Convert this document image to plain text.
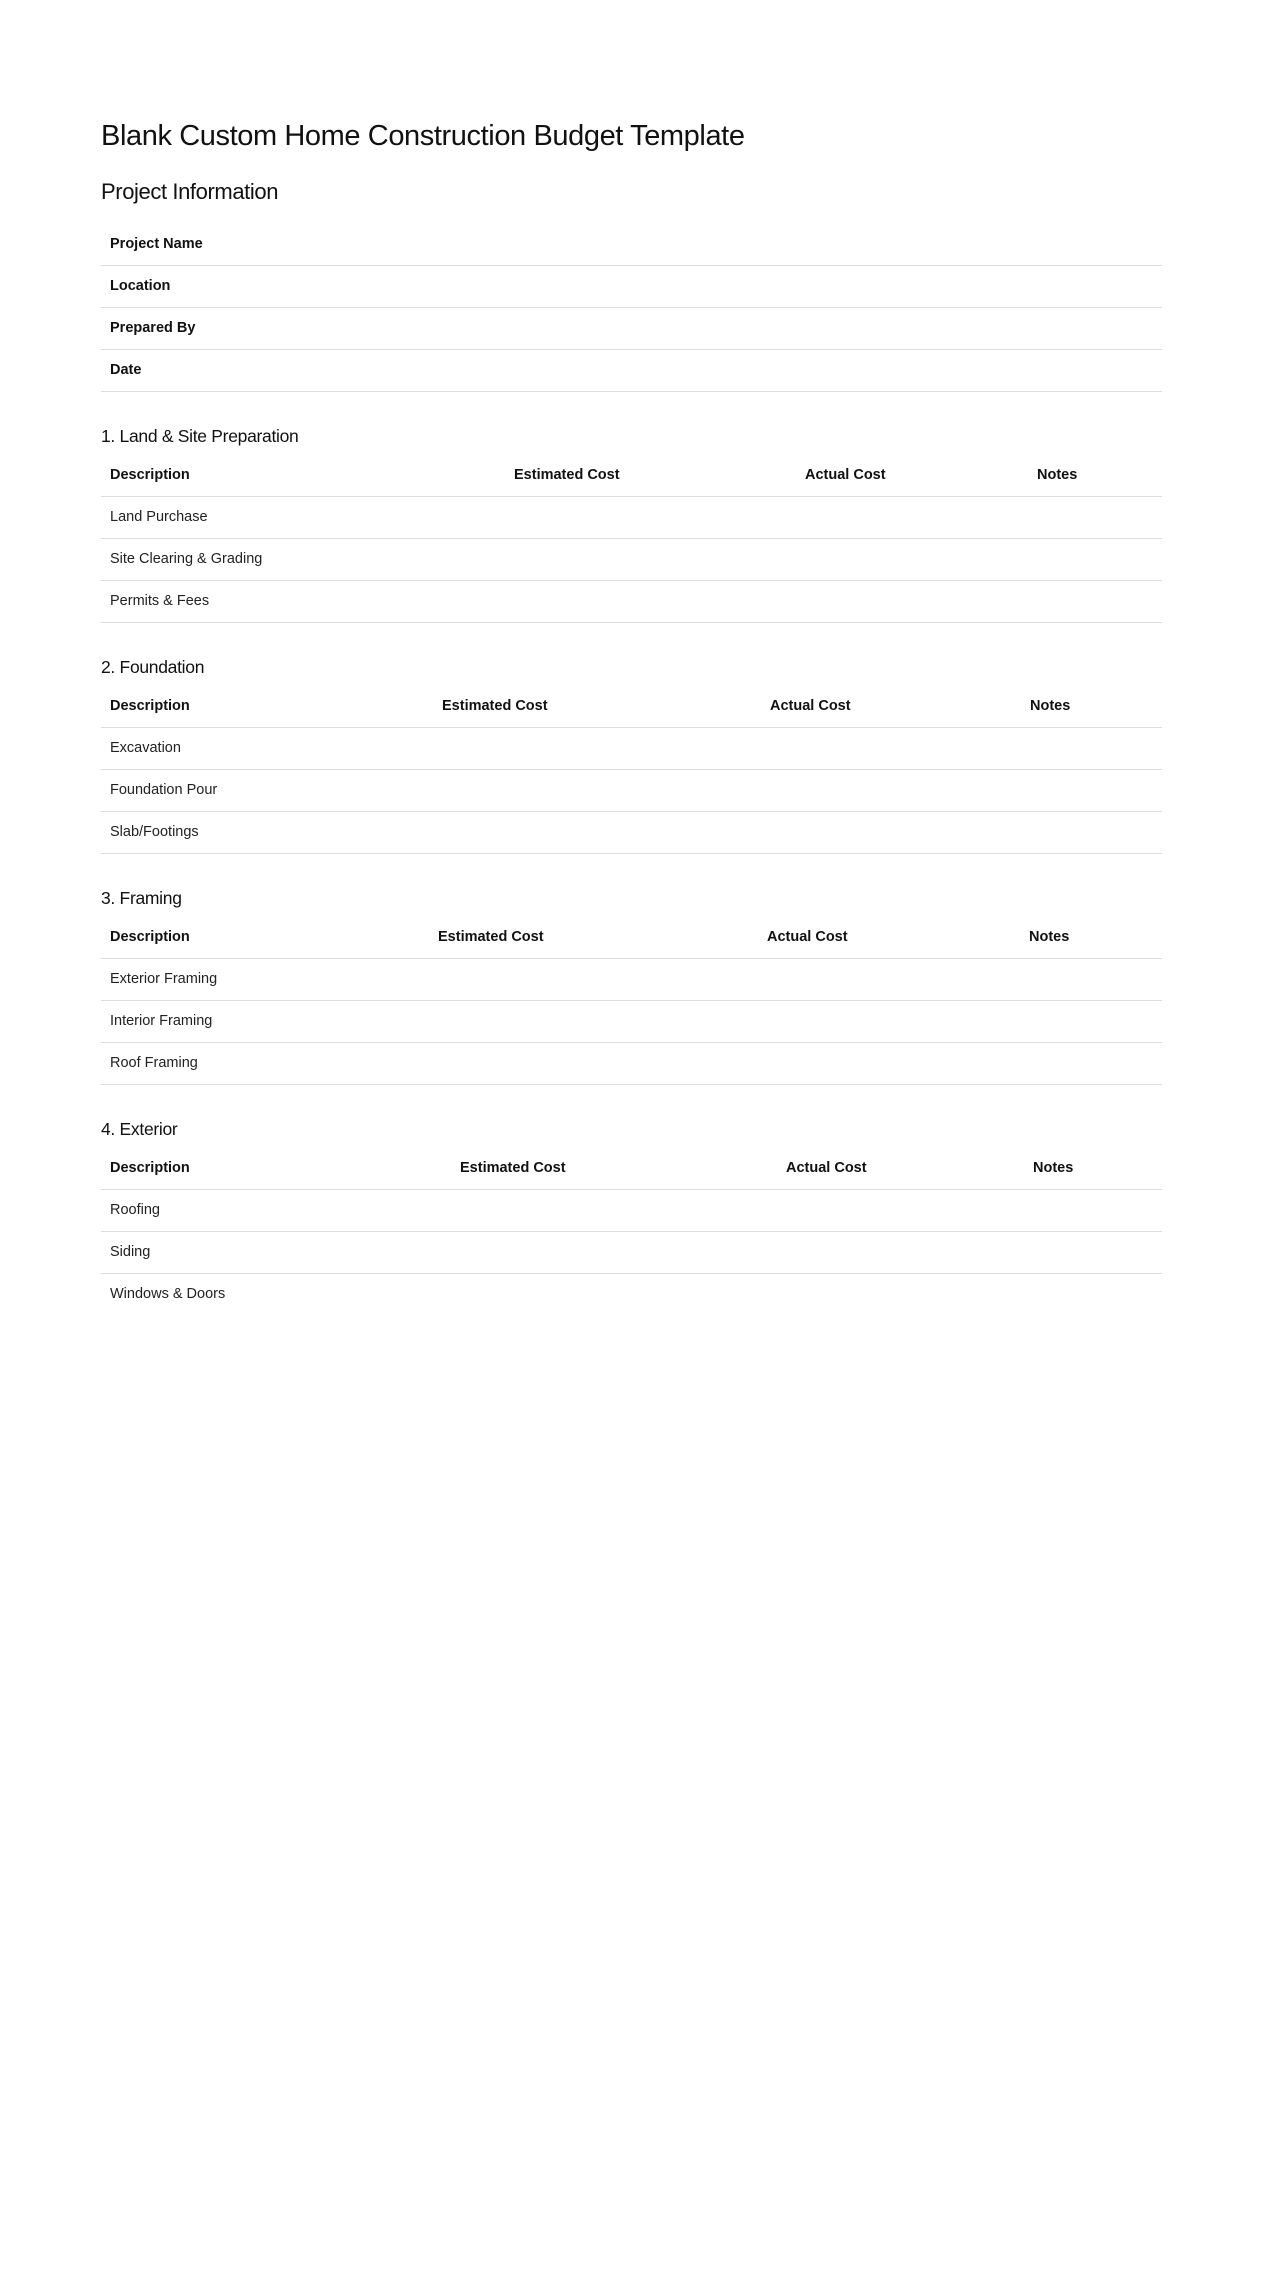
Blank Custom Home Construction Budget Template
Project Information
Project Name
Location
Prepared By
Date
1. Land & Site Preparation
Description	Estimated Cost	Actual Cost	Notes
Land Purchase			
Site Clearing & Grading			
Permits & Fees			
2. Foundation
Description	Estimated Cost	Actual Cost	Notes
Excavation			
Foundation Pour			
Slab/Footings			
3. Framing
Description	Estimated Cost	Actual Cost	Notes
Exterior Framing			
Interior Framing			
Roof Framing			
4. Exterior
Description	Estimated Cost	Actual Cost	Notes
Roofing			
Siding			
Windows & Doors			
